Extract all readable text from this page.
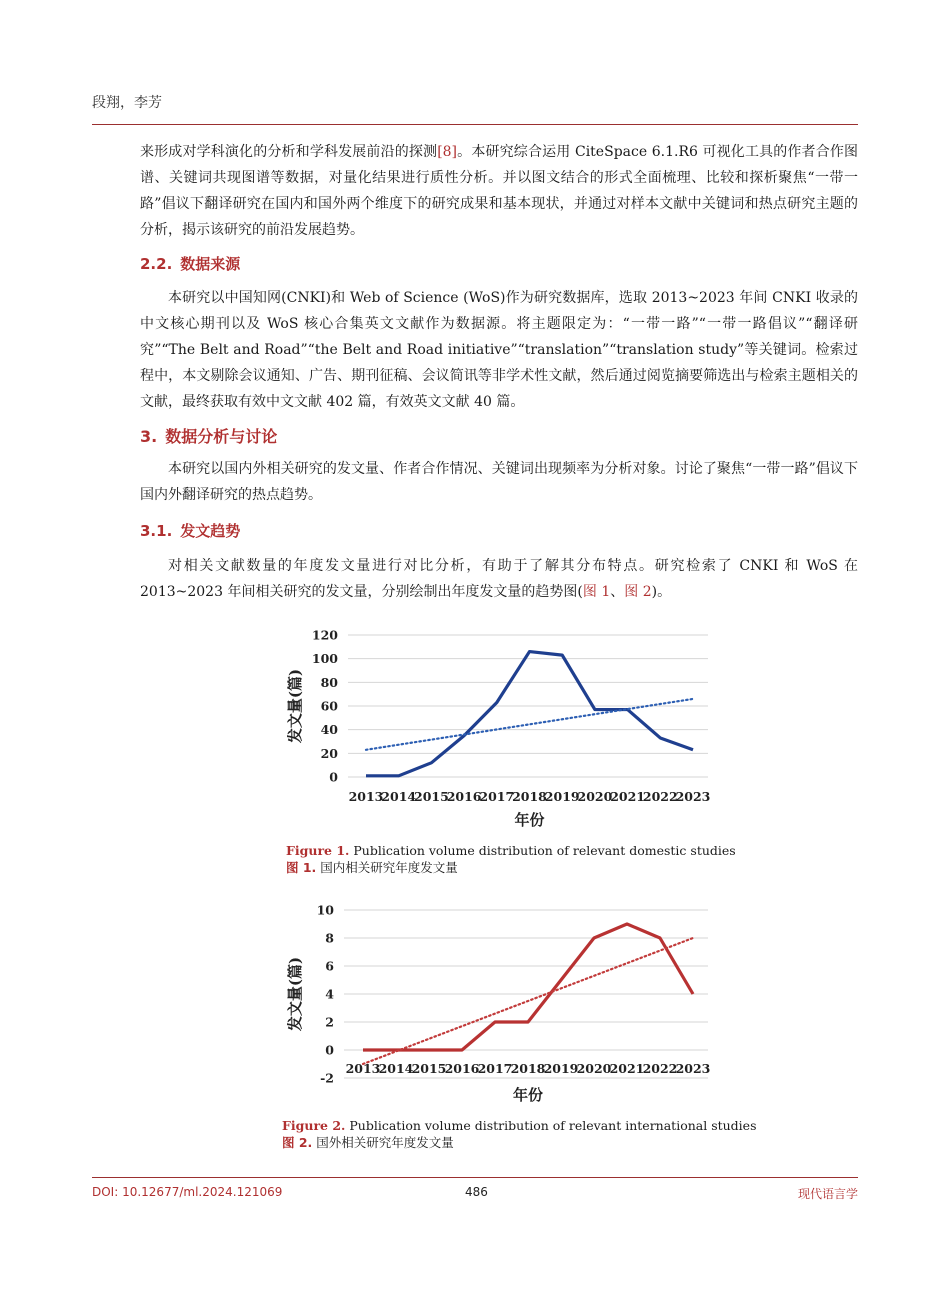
段翔，李芳
来形成对学科演化的分析和学科发展前沿的探测[8]。本研究综合运用 CiteSpace 6.1.R6 可视化工具的作者合作图谱、关键词共现图谱等数据，对量化结果进行质性分析。并以图文结合的形式全面梳理、比较和探析聚焦“一带一路”倡议下翻译研究在国内和国外两个维度下的研究成果和基本现状，并通过对样本文献中关键词和热点研究主题的分析，揭示该研究的前沿发展趋势。
2.2. 数据来源
本研究以中国知网(CNKI)和 Web of Science (WoS)作为研究数据库，选取 2013~2023 年间 CNKI 收录的中文核心期刊以及 WoS 核心合集英文文献作为数据源。将主题限定为：“一带一路”“一带一路倡议”“翻译研究”“The Belt and Road”“the Belt and Road initiative”“translation”“translation study”等关键词。检索过程中，本文剔除会议通知、广告、期刊征稿、会议简讯等非学术性文献，然后通过阅览摘要筛选出与检索主题相关的文献，最终获取有效中文文献 402 篇，有效英文文献 40 篇。
3. 数据分析与讨论
本研究以国内外相关研究的发文量、作者合作情况、关键词出现频率为分析对象。讨论了聚焦“一带一路”倡议下国内外翻译研究的热点趋势。
3.1. 发文趋势
对相关文献数量的年度发文量进行对比分析，有助于了解其分布特点。研究检索了 CNKI 和 WoS 在 2013~2023 年间相关研究的发文量，分别绘制出年度发文量的趋势图(图 1、图 2)。
120
100
80
60
40
20
0
2013
2014
2015
2016
2017
2018
2019
2020
2021
2022
2023
年份
发文量(篇)
Figure 1. Publication volume distribution of relevant domestic studies
图 1. 国内相关研究年度发文量
10
8
6
4
2
0
-2
2013
2014
2015
2016
2017
2018
2019
2020
2021
2022
2023
年份
发文量(篇)
Figure 2. Publication volume distribution of relevant international studies
图 2. 国外相关研究年度发文量
DOI: 10.12677/ml.2024.121069	486	现代语言学
